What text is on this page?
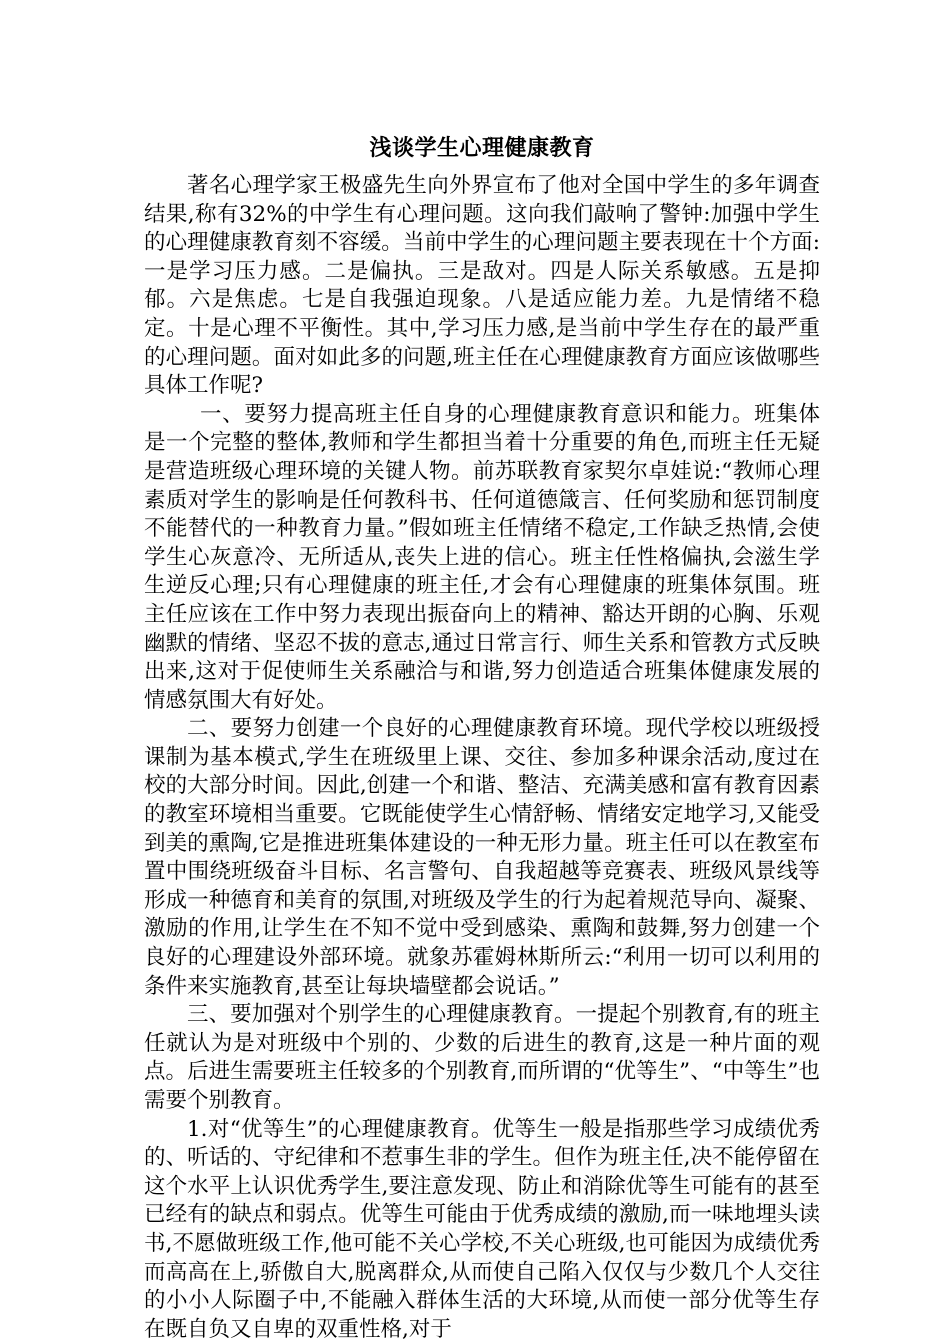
浅谈学生心理健康教育

著名心理学家王极盛先生向外界宣布了他对全国中学生的多年调查结果,称有32%的中学生有心理问题。这向我们敲响了警钟:加强中学生的心理健康教育刻不容缓。当前中学生的心理问题主要表现在十个方面:一是学习压力感。二是偏执。三是敌对。四是人际关系敏感。五是抑郁。六是焦虑。七是自我强迫现象。八是适应能力差。九是情绪不稳定。十是心理不平衡性。其中,学习压力感,是当前中学生存在的最严重的心理问题。面对如此多的问题,班主任在心理健康教育方面应该做哪些具体工作呢?

一、要努力提高班主任自身的心理健康教育意识和能力。班集体是一个完整的整体,教师和学生都担当着十分重要的角色,而班主任无疑是营造班级心理环境的关键人物。前苏联教育家契尔卓娃说:“教师心理素质对学生的影响是任何教科书、任何道德箴言、任何奖励和惩罚制度不能替代的一种教育力量。”假如班主任情绪不稳定,工作缺乏热情,会使学生心灰意冷、无所适从,丧失上进的信心。班主任性格偏执,会滋生学生逆反心理;只有心理健康的班主任,才会有心理健康的班集体氛围。班主任应该在工作中努力表现出振奋向上的精神、豁达开朗的心胸、乐观幽默的情绪、坚忍不拔的意志,通过日常言行、师生关系和管教方式反映出来,这对于促使师生关系融洽与和谐,努力创造适合班集体健康发展的情感氛围大有好处。

二、要努力创建一个良好的心理健康教育环境。现代学校以班级授课制为基本模式,学生在班级里上课、交往、参加多种课余活动,度过在校的大部分时间。因此,创建一个和谐、整洁、充满美感和富有教育因素的教室环境相当重要。它既能使学生心情舒畅、情绪安定地学习,又能受到美的熏陶,它是推进班集体建设的一种无形力量。班主任可以在教室布置中围绕班级奋斗目标、名言警句、自我超越等竞赛表、班级风景线等形成一种德育和美育的氛围,对班级及学生的行为起着规范导向、凝聚、激励的作用,让学生在不知不觉中受到感染、熏陶和鼓舞,努力创建一个良好的心理建设外部环境。就象苏霍姆林斯所云:“利用一切可以利用的条件来实施教育,甚至让每块墙壁都会说话。”

三、要加强对个别学生的心理健康教育。一提起个别教育,有的班主任就认为是对班级中个别的、少数的后进生的教育,这是一种片面的观点。后进生需要班主任较多的个别教育,而所谓的“优等生”、“中等生”也需要个别教育。

1.对“优等生”的心理健康教育。优等生一般是指那些学习成绩优秀的、听话的、守纪律和不惹事生非的学生。但作为班主任,决不能停留在这个水平上认识优秀学生,要注意发现、防止和消除优等生可能有的甚至已经有的缺点和弱点。优等生可能由于优秀成绩的激励,而一味地埋头读书,不愿做班级工作,他可能不关心学校,不关心班级,也可能因为成绩优秀而高高在上,骄傲自大,脱离群众,从而使自己陷入仅仅与少数几个人交往的小小人际圈子中,不能融入群体生活的大环境,从而使一部分优等生存在既自负又自卑的双重性格,对于
